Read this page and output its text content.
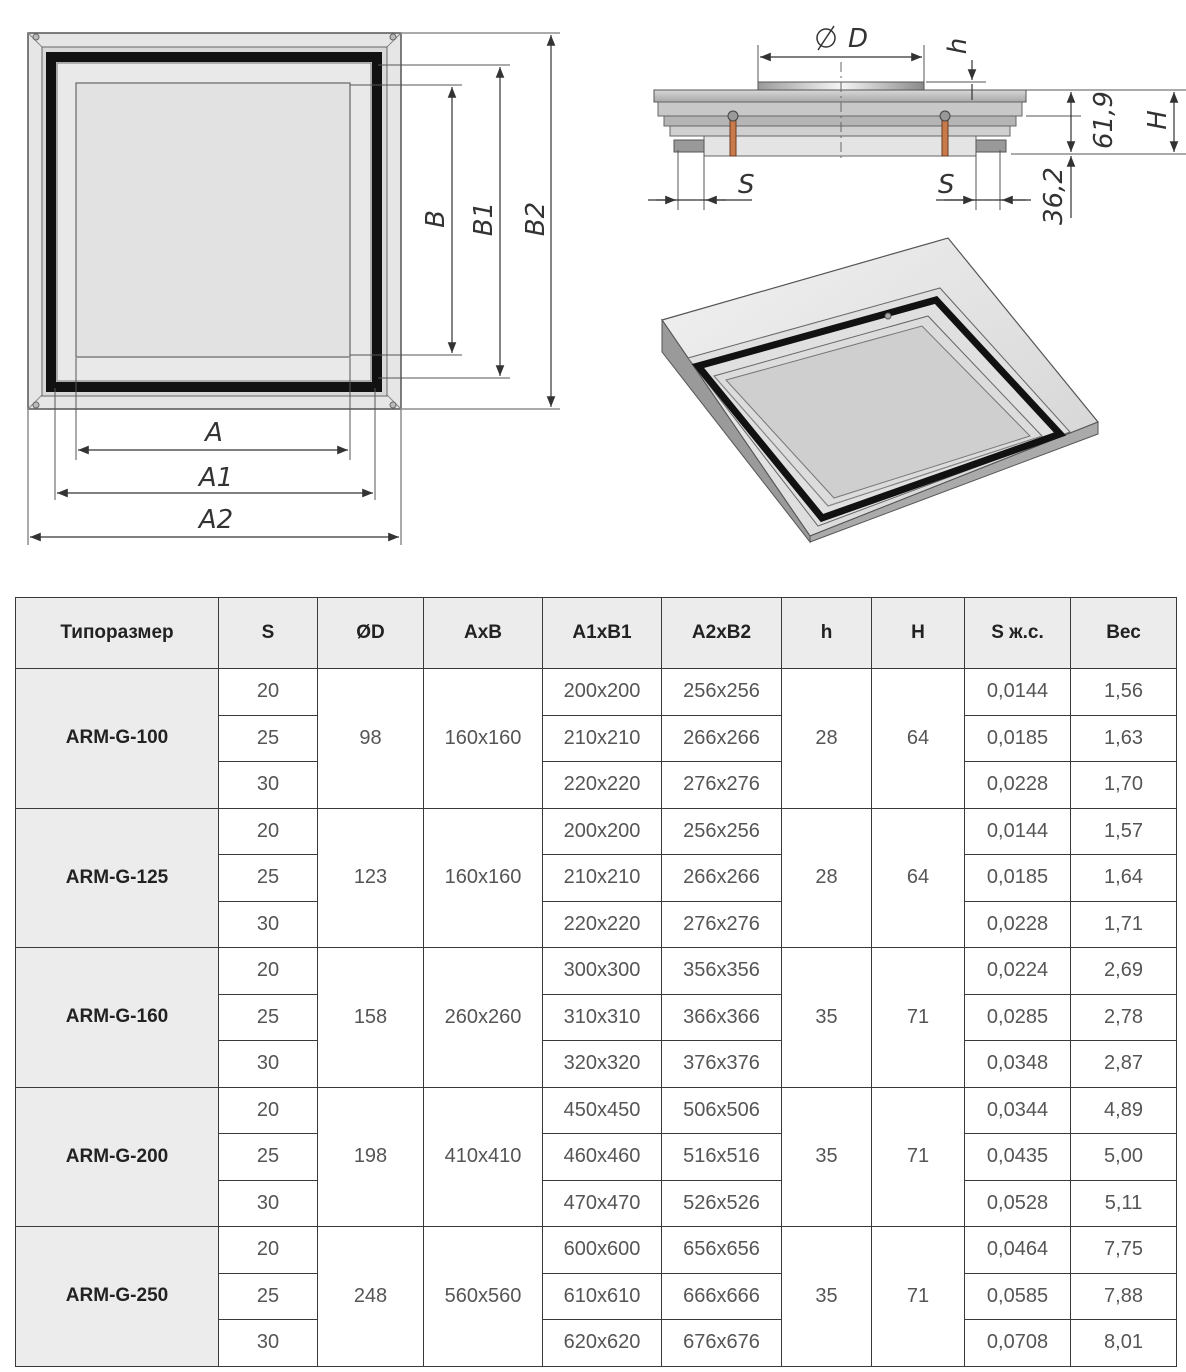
B B1 B2
A
A1
A2
D	h
61,9
36,2
H
S	S
Типоразмер	S	ØD	AxB	A1xB1	A2xB2	h	H	S ж.с.	Вес
ARM-G-100	20	98	160x160	200x200	256x256	28	64	0,0144	1,56
	25			210x210	266x266			0,0185	1,63
	30			220x220	276x276			0,0228	1,70
ARM-G-125	20	123	160x160	200x200	256x256	28	64	0,0144	1,57
	25			210x210	266x266			0,0185	1,64
	30			220x220	276x276			0,0228	1,71
ARM-G-160	20	158	260x260	300x300	356x356	35	71	0,0224	2,69
	25			310x310	366x366			0,0285	2,78
	30			320x320	376x376			0,0348	2,87
ARM-G-200	20	198	410x410	450x450	506x506	35	71	0,0344	4,89
	25			460x460	516x516			0,0435	5,00
	30			470x470	526x526			0,0528	5,11
ARM-G-250	20	248	560x560	600x600	656x656	35	71	0,0464	7,75
	25			610x610	666x666			0,0585	7,88
	30			620x620	676x676			0,0708	8,01
